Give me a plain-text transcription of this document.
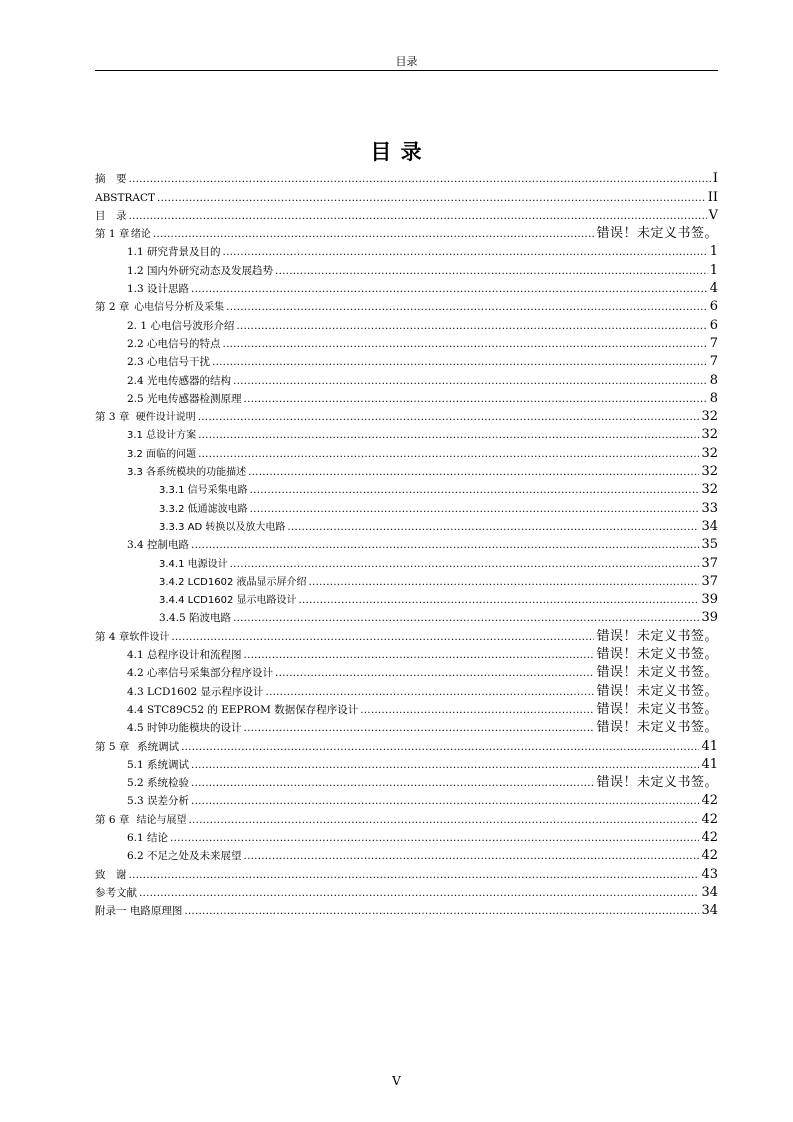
目录
目 录
摘　要 .....	I
ABSTRACT .....	II
目　录 .....	V
第 1 章 绪论 .....	错误！未定义书签。
1.1 研究背景及目的 .....	1
1.2 国内外研究动态及发展趋势 .....	1
1.3 设计思路 .....	4
第 2 章 心电信号分析及采集 .....	6
2. 1 心电信号波形介绍 .....	6
2.2 心电信号的特点 .....	7
2.3 心电信号干扰 .....	7
2.4 光电传感器的结构 .....	8
2.5 光电传感器检测原理 .....	8
第 3 章 硬件设计说明 .....	32
3.1 总设计方案 .....	32
3.2 面临的问题 .....	32
3.3 各系统模块的功能描述 .....	32
3.3.1 信号采集电路 .....	32
3.3.2 低通滤波电路 .....	33
3.3.3 AD 转换以及放大电路 .....	34
3.4 控制电路 .....	35
3.4.1 电源设计 .....	37
3.4.2 LCD1602 液晶显示屏介绍 .....	37
3.4.4 LCD1602 显示电路设计 .....	39
3.4.5 陷波电路 .....	39
第 4 章 软件设计 .....	错误！未定义书签。
4.1 总程序设计和流程图 .....	错误！未定义书签。
4.2 心率信号采集部分程序设计 .....	错误！未定义书签。
4.3 LCD1602 显示程序设计 .....	错误！未定义书签。
4.4 STC89C52 的 EEPROM 数据保存程序设计 .....	错误！未定义书签。
4.5 时钟功能模块的设计 .....	错误！未定义书签。
第 5 章 系统调试 .....	41
5.1 系统调试 .....	41
5.2 系统检验 .....	错误！未定义书签。
5.3 误差分析 .....	42
第 6 章 结论与展望 .....	42
6.1 结论 .....	42
6.2 不足之处及未来展望 .....	42
致　谢 .....	43
参考文献 .....	34
附录一 电路原理图 .....	34
V
